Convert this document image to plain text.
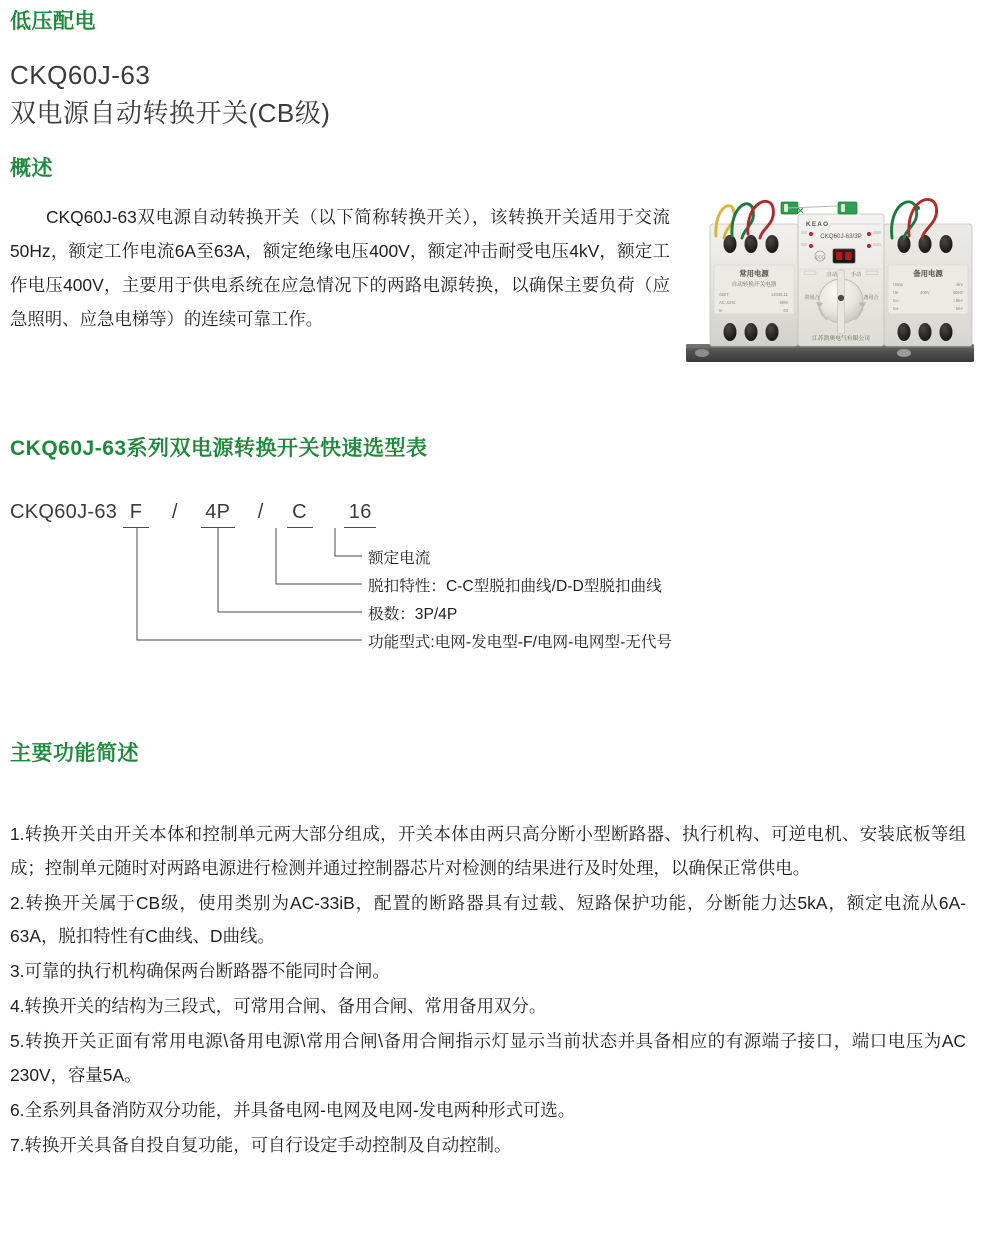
低压配电
CKQ60J-63
双电源自动转换开关(CB级)
概述
CKQ60J-63双电源自动转换开关（以下简称转换开关），该转换开关适用于交流50Hz，额定工作电流6A至63A，额定绝缘电压400V，额定冲击耐受电压4kV，额定工作电压400V，主要用于供电系统在应急情况下的两路电源转换，以确保主要负荷（应急照明、应急电梯等）的连续可靠工作。
常用电源
自动转换开关电器
GB/T	14048.11
AC-33-B	6kW
Ie	63
KEAO
CKQ60J-63/3P
CCC
自动	手动
常用合	备用合
江苏凯奥电气有限公司
备用电源
Uimp	4kV
Ue	400V	50Hz
Icu	Ι 6kA
Ics	5kA
CKQ60J-63系列双电源转换开关快速选型表
CKQ60J-63 F / 4P / C 16
额定电流
脱扣特性：C-C型脱扣曲线/D-D型脱扣曲线
极数：3P/4P
功能型式:电网-发电型-F/电网-电网型-无代号
主要功能简述
1.转换开关由开关本体和控制单元两大部分组成，开关本体由两只高分断小型断路器、执行机构、可逆电机、安装底板等组成；控制单元随时对两路电源进行检测并通过控制器芯片对检测的结果进行及时处理，以确保正常供电。
2.转换开关属于CB级，使用类别为AC-33iB，配置的断路器具有过载、短路保护功能，分断能力达5kA，额定电流从6A-63A，脱扣特性有C曲线、D曲线。
3.可靠的执行机构确保两台断路器不能同时合闸。
4.转换开关的结构为三段式，可常用合闸、备用合闸、常用备用双分。
5.转换开关正面有常用电源\备用电源\常用合闸\备用合闸指示灯显示当前状态并具备相应的有源端子接口，端口电压为AC 230V，容量5A。
6.全系列具备消防双分功能，并具备电网-电网及电网-发电两种形式可选。
7.转换开关具备自投自复功能，可自行设定手动控制及自动控制。
